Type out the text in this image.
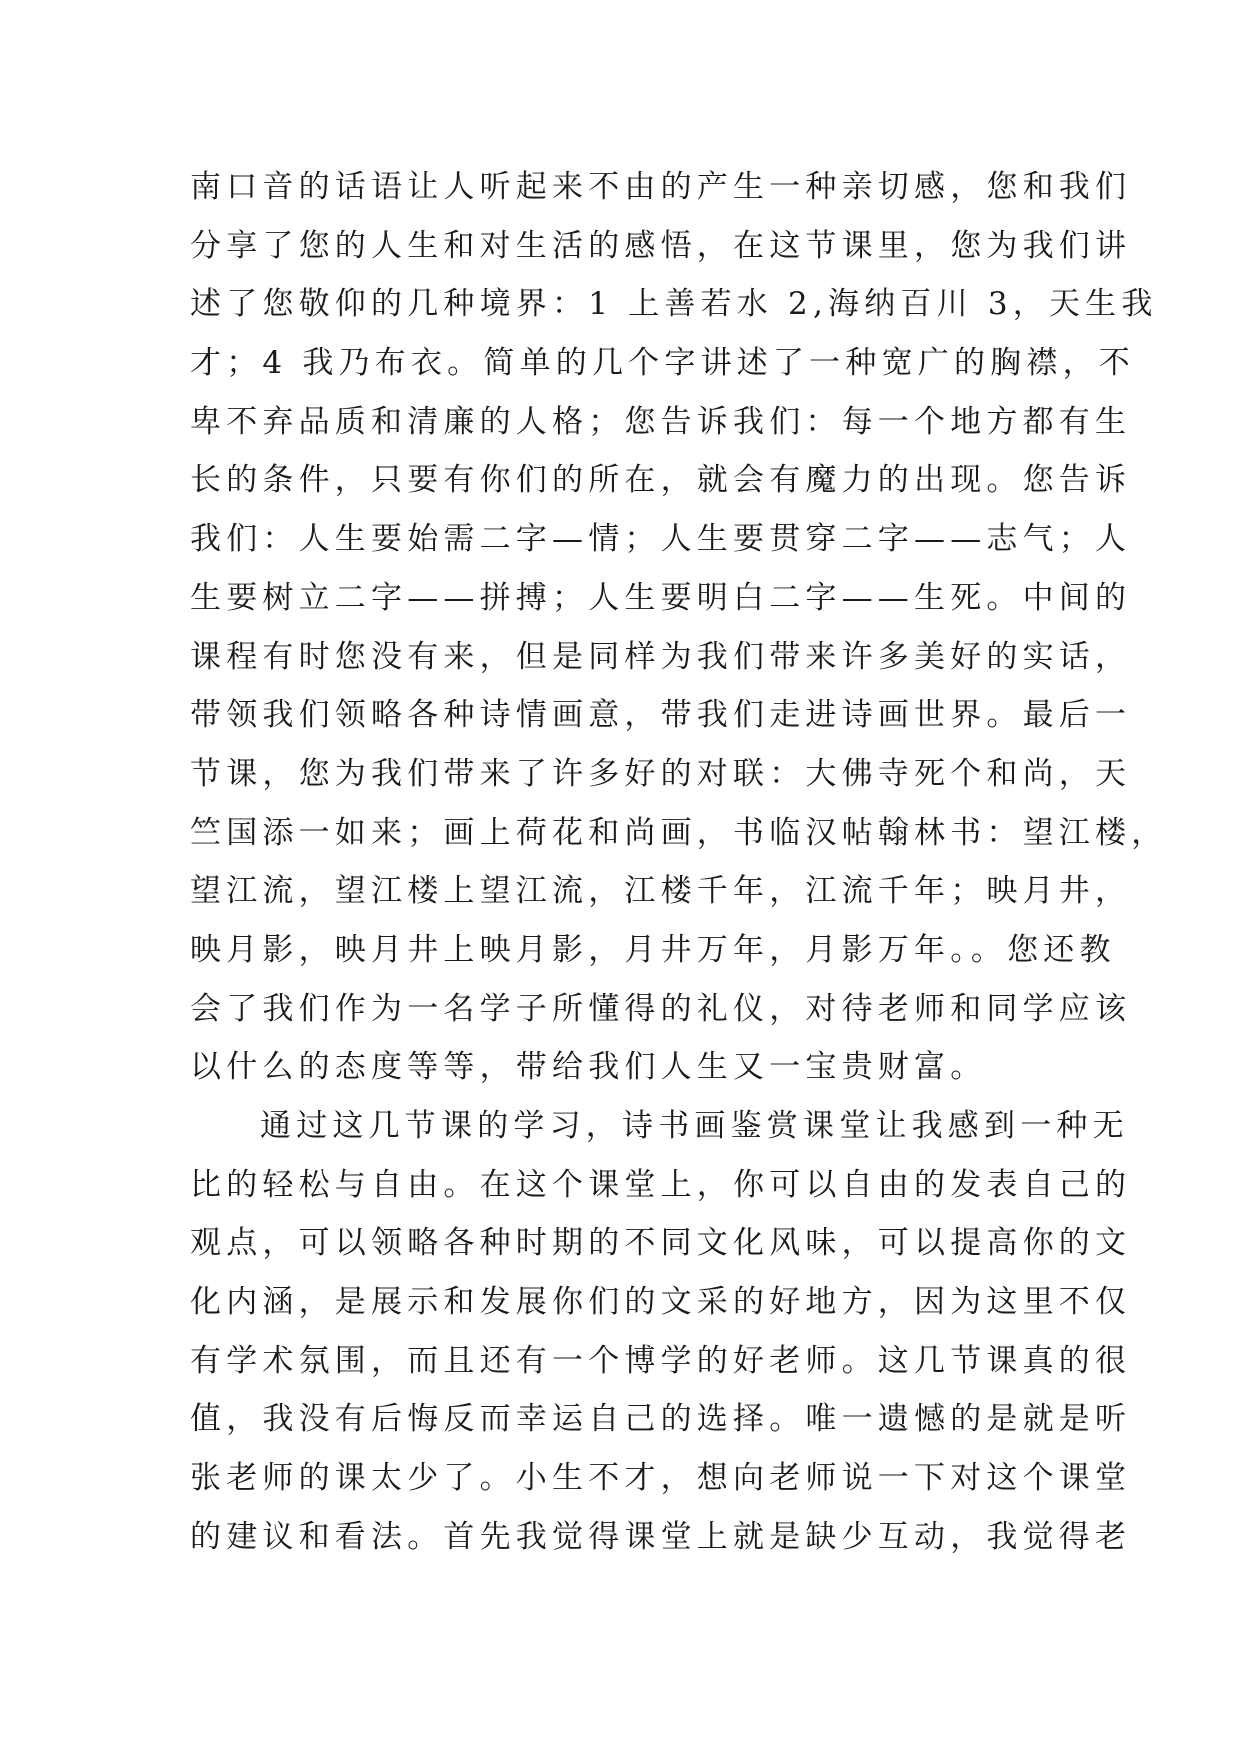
南口音的话语让人听起来不由的产生一种亲切感，您和我们
分享了您的人生和对生活的感悟，在这节课里，您为我们讲
述了您敬仰的几种境界：1 上善若水 2,海纳百川 3，天生我
才；4 我乃布衣。简单的几个字讲述了一种宽广的胸襟，不
卑不弃品质和清廉的人格；您告诉我们：每一个地方都有生
长的条件，只要有你们的所在，就会有魔力的出现。您告诉
我们：人生要始需二字—情；人生要贯穿二字——志气；人
生要树立二字——拼搏；人生要明白二字——生死。中间的
课程有时您没有来，但是同样为我们带来许多美好的实话，
带领我们领略各种诗情画意，带我们走进诗画世界。最后一
节课，您为我们带来了许多好的对联：大佛寺死个和尚，天
竺国添一如来；画上荷花和尚画，书临汉帖翰林书：望江楼，
望江流，望江楼上望江流，江楼千年，江流千年；映月井，
映月影，映月井上映月影，月井万年，月影万年。。您还教
会了我们作为一名学子所懂得的礼仪，对待老师和同学应该
以什么的态度等等，带给我们人生又一宝贵财富。
通过这几节课的学习，诗书画鉴赏课堂让我感到一种无
比的轻松与自由。在这个课堂上，你可以自由的发表自己的
观点，可以领略各种时期的不同文化风味，可以提高你的文
化内涵，是展示和发展你们的文采的好地方，因为这里不仅
有学术氛围，而且还有一个博学的好老师。这几节课真的很
值，我没有后悔反而幸运自己的选择。唯一遗憾的是就是听
张老师的课太少了。小生不才，想向老师说一下对这个课堂
的建议和看法。首先我觉得课堂上就是缺少互动，我觉得老
